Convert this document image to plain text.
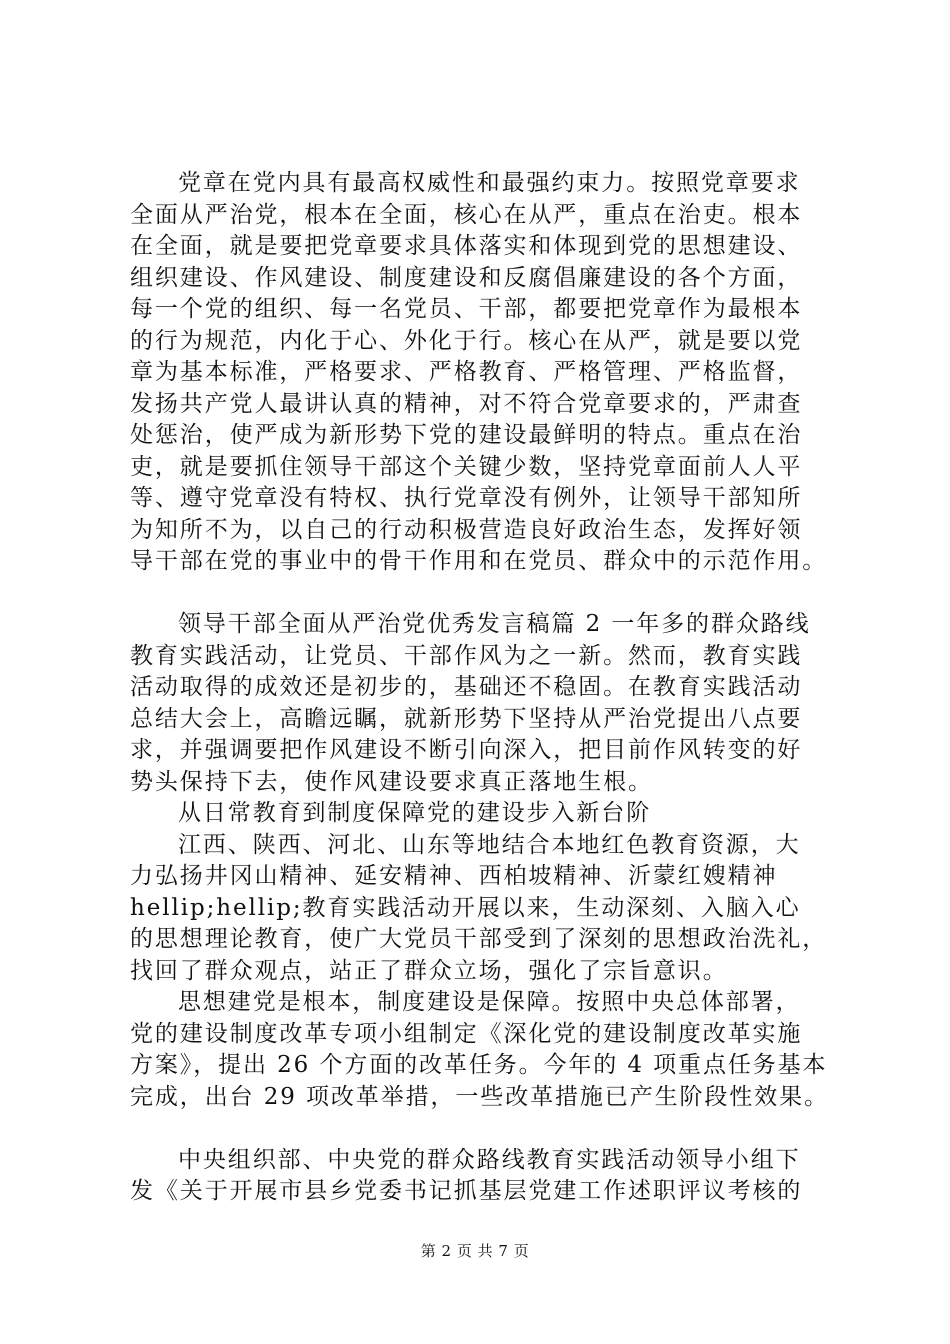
党章在党内具有最高权威性和最强约束力。按照党章要求
全面从严治党，根本在全面，核心在从严，重点在治吏。根本
在全面，就是要把党章要求具体落实和体现到党的思想建设、
组织建设、作风建设、制度建设和反腐倡廉建设的各个方面，
每一个党的组织、每一名党员、干部，都要把党章作为最根本
的行为规范，内化于心、外化于行。核心在从严，就是要以党
章为基本标准，严格要求、严格教育、严格管理、严格监督，
发扬共产党人最讲认真的精神，对不符合党章要求的，严肃查
处惩治，使严成为新形势下党的建设最鲜明的特点。重点在治
吏，就是要抓住领导干部这个关键少数，坚持党章面前人人平
等、遵守党章没有特权、执行党章没有例外，让领导干部知所
为知所不为，以自己的行动积极营造良好政治生态，发挥好领
导干部在党的事业中的骨干作用和在党员、群众中的示范作用。
领导干部全面从严治党优秀发言稿篇 2 一年多的群众路线
教育实践活动，让党员、干部作风为之一新。然而，教育实践
活动取得的成效还是初步的，基础还不稳固。在教育实践活动
总结大会上，高瞻远瞩，就新形势下坚持从严治党提出八点要
求，并强调要把作风建设不断引向深入，把目前作风转变的好
势头保持下去，使作风建设要求真正落地生根。
从日常教育到制度保障党的建设步入新台阶
江西、陕西、河北、山东等地结合本地红色教育资源，大
力弘扬井冈山精神、延安精神、西柏坡精神、沂蒙红嫂精神
hellip;hellip;教育实践活动开展以来，生动深刻、入脑入心
的思想理论教育，使广大党员干部受到了深刻的思想政治洗礼，
找回了群众观点，站正了群众立场，强化了宗旨意识。
思想建党是根本，制度建设是保障。按照中央总体部署，
党的建设制度改革专项小组制定《深化党的建设制度改革实施
方案》，提出 26 个方面的改革任务。今年的 4 项重点任务基本
完成，出台 29 项改革举措，一些改革措施已产生阶段性效果。
中央组织部、中央党的群众路线教育实践活动领导小组下
发《关于开展市县乡党委书记抓基层党建工作述职评议考核的
第 2 页 共 7 页
